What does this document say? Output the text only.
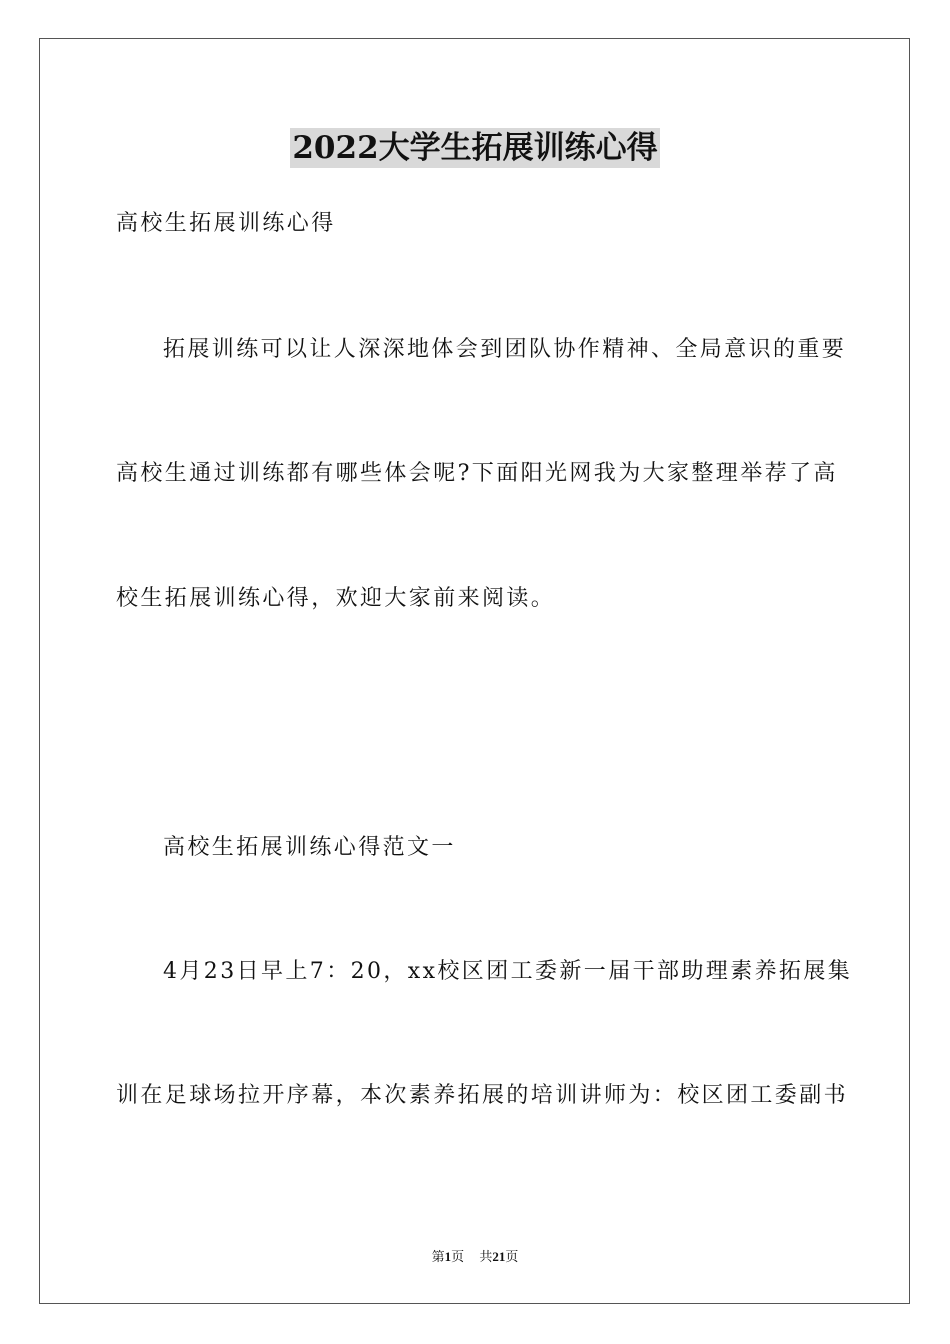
2022大学生拓展训练心得
高校生拓展训练心得
拓展训练可以让人深深地体会到团队协作精神、全局意识的重要
高校生通过训练都有哪些体会呢?下面阳光网我为大家整理举荐了高
校生拓展训练心得，欢迎大家前来阅读。
高校生拓展训练心得范文一
4月23日早上7：20，xx校区团工委新一届干部助理素养拓展集
训在足球场拉开序幕，本次素养拓展的培训讲师为：校区团工委副书
第1页 共21页
